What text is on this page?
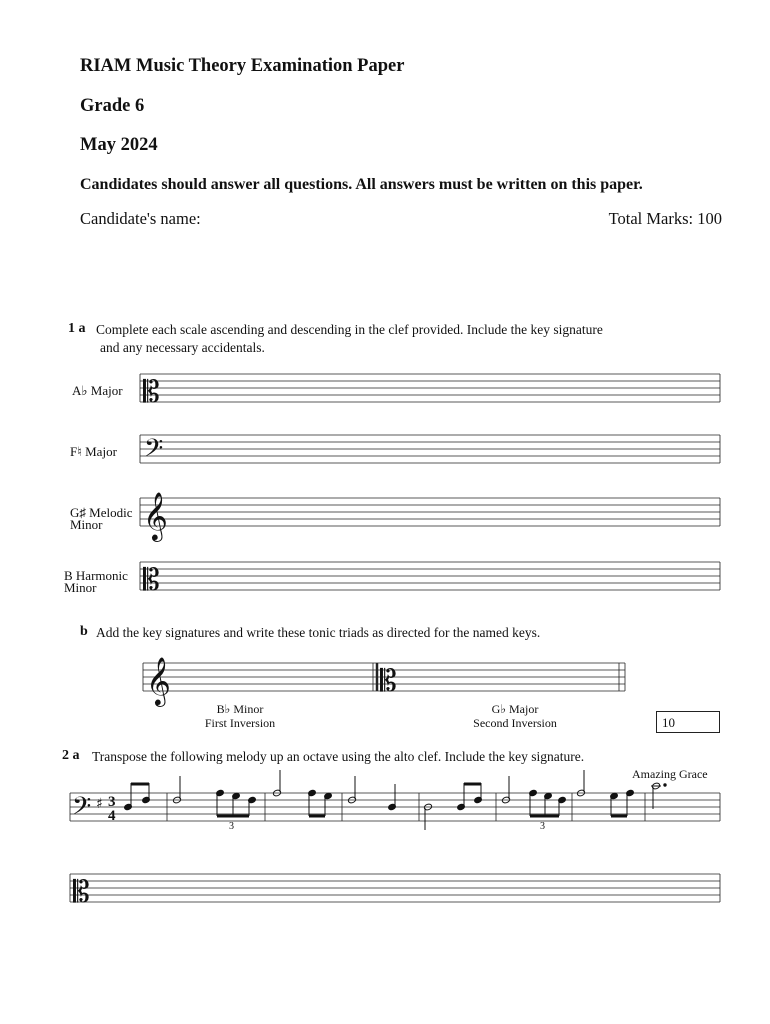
RIAM Music Theory Examination Paper
Grade 6
May 2024
Candidates should answer all questions. All answers must be written on this paper.
Candidate's name:	Total Marks: 100
1 a Complete each scale ascending and descending in the clef provided. Include the key signature
and any necessary accidentals.
A♭ Major
F♮ Major
G♯ Melodic
Minor
B Harmonic
Minor
b Add the key signatures and write these tonic triads as directed for the named keys.
B♭ Minor
First Inversion
G♭ Major
Second Inversion	10
2 a Transpose the following melody up an octave using the alto clef. Include the key signature.
Amazing Grace
𝄡
𝄢
𝄞
𝄡
𝄞	𝄡
𝄢
𝄡
♯ 3
4
3	3
